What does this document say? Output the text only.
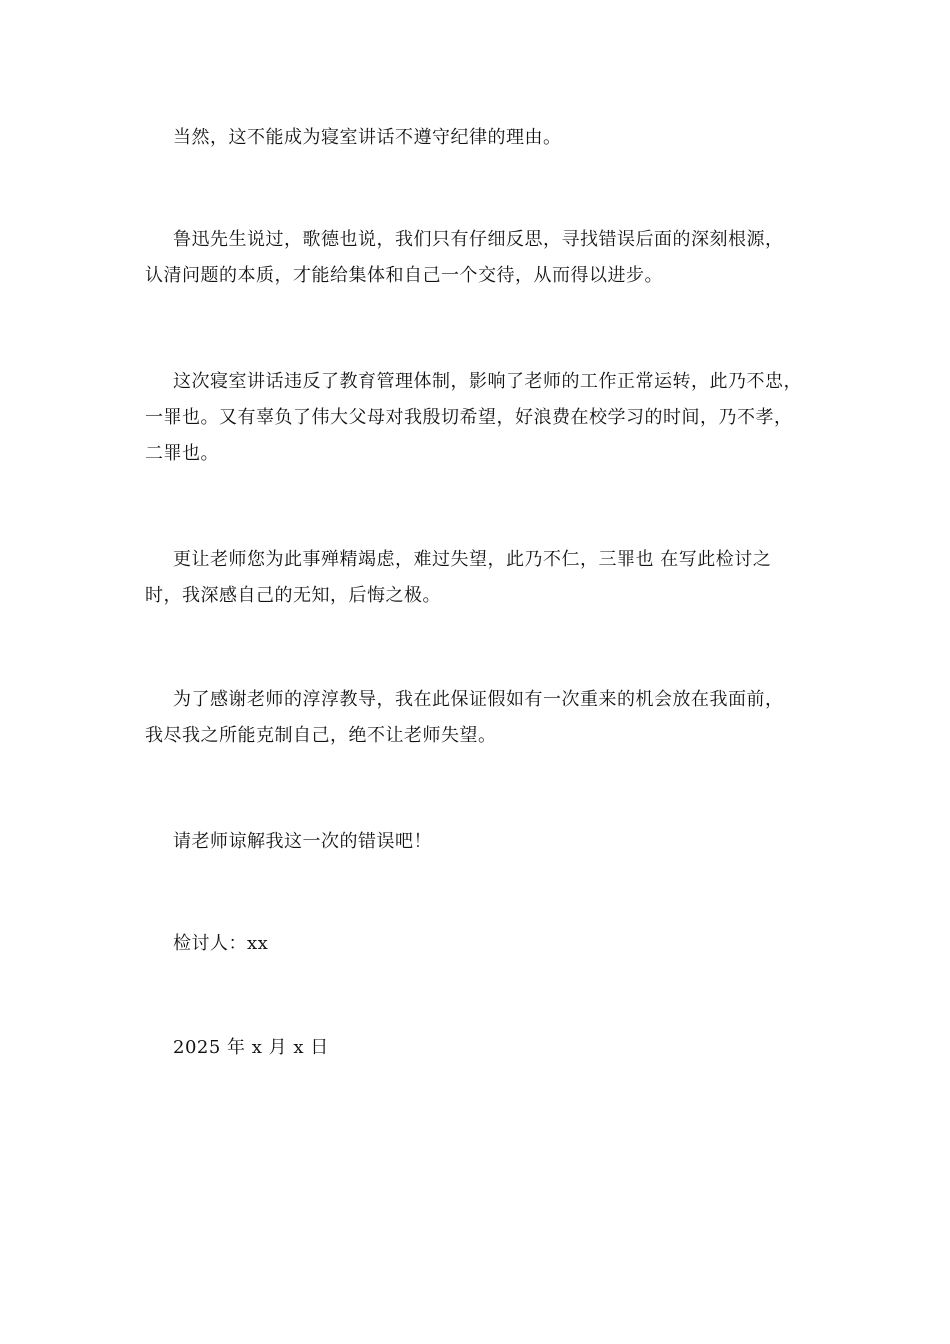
当然，这不能成为寝室讲话不遵守纪律的理由。

鲁迅先生说过，歌德也说，我们只有仔细反思，寻找错误后面的深刻根源，
认清问题的本质，才能给集体和自己一个交待，从而得以进步。

这次寝室讲话违反了教育管理体制，影响了老师的工作正常运转，此乃不忠，
一罪也。又有辜负了伟大父母对我殷切希望，好浪费在校学习的时间，乃不孝，
二罪也。

更让老师您为此事殚精竭虑，难过失望，此乃不仁，三罪也 在写此检讨之
时，我深感自己的无知，后悔之极。

为了感谢老师的淳淳教导，我在此保证假如有一次重来的机会放在我面前，
我尽我之所能克制自己，绝不让老师失望。

请老师谅解我这一次的错误吧！

检讨人：xx

2025 年 x 月 x 日
